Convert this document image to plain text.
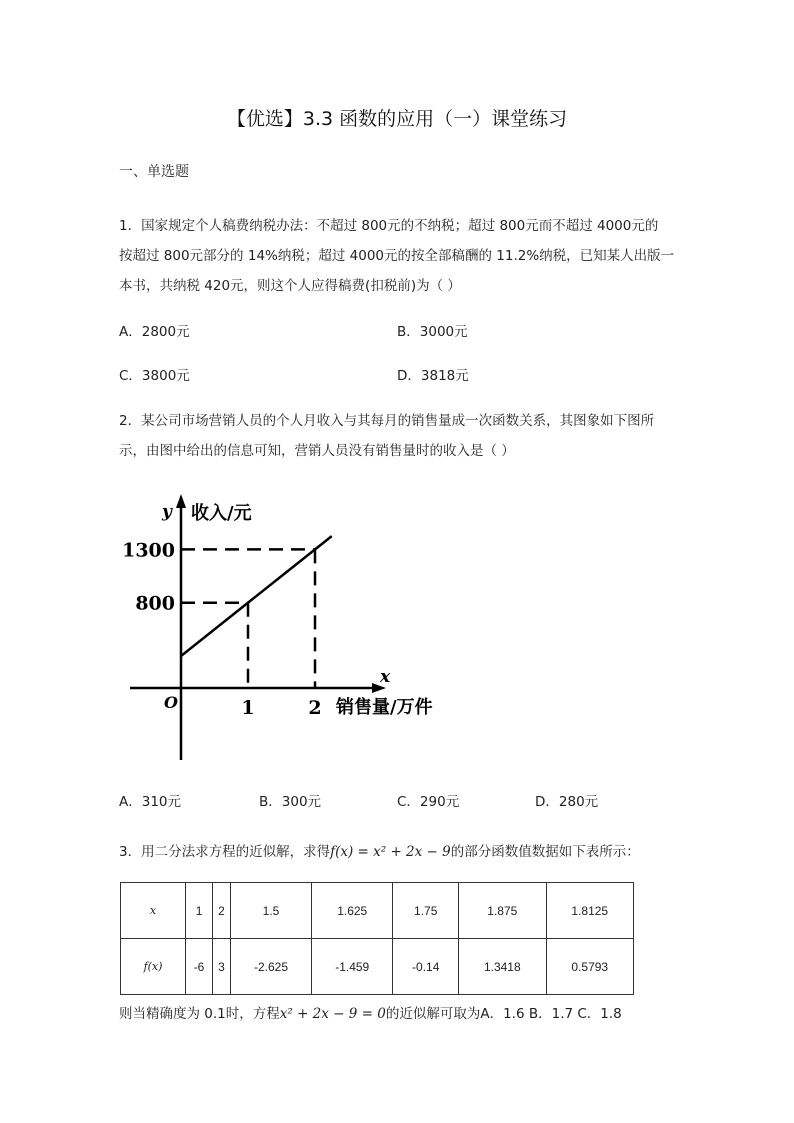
【优选】3.3 函数的应用（一）课堂练习
一、单选题
1．国家规定个人稿费纳税办法：不超过 800元的不纳税；超过 800元而不超过 4000元的
按超过 800元部分的 14%纳税；超过 4000元的按全部稿酬的 11.2%纳税，已知某人出版一
本书，共纳税 420元，则这个人应得稿费(扣税前)为（ ）
A．2800元	B．3000元
C．3800元	D．3818元
2．某公司市场营销人员的个人月收入与其每月的销售量成一次函数关系，其图象如下图所
示，由图中给出的信息可知，营销人员没有销售量时的收入是（ ）
800
1300
1	2
y 收入/元
x
销售量/万件
O
A．310元	B．300元	C．290元	D．280元
3．用二分法求方程的近似解，求得f(x) = x² + 2x − 9的部分函数值数据如下表所示：
x	1	2	1.5	1.625	1.75	1.875	1.8125
f(x)	-6	3	-2.625	-1.459	-0.14	1.3418	0.5793
则当精确度为 0.1时，方程x² + 2x − 9 = 0的近似解可取为A．1.6 B．1.7 C．1.8
